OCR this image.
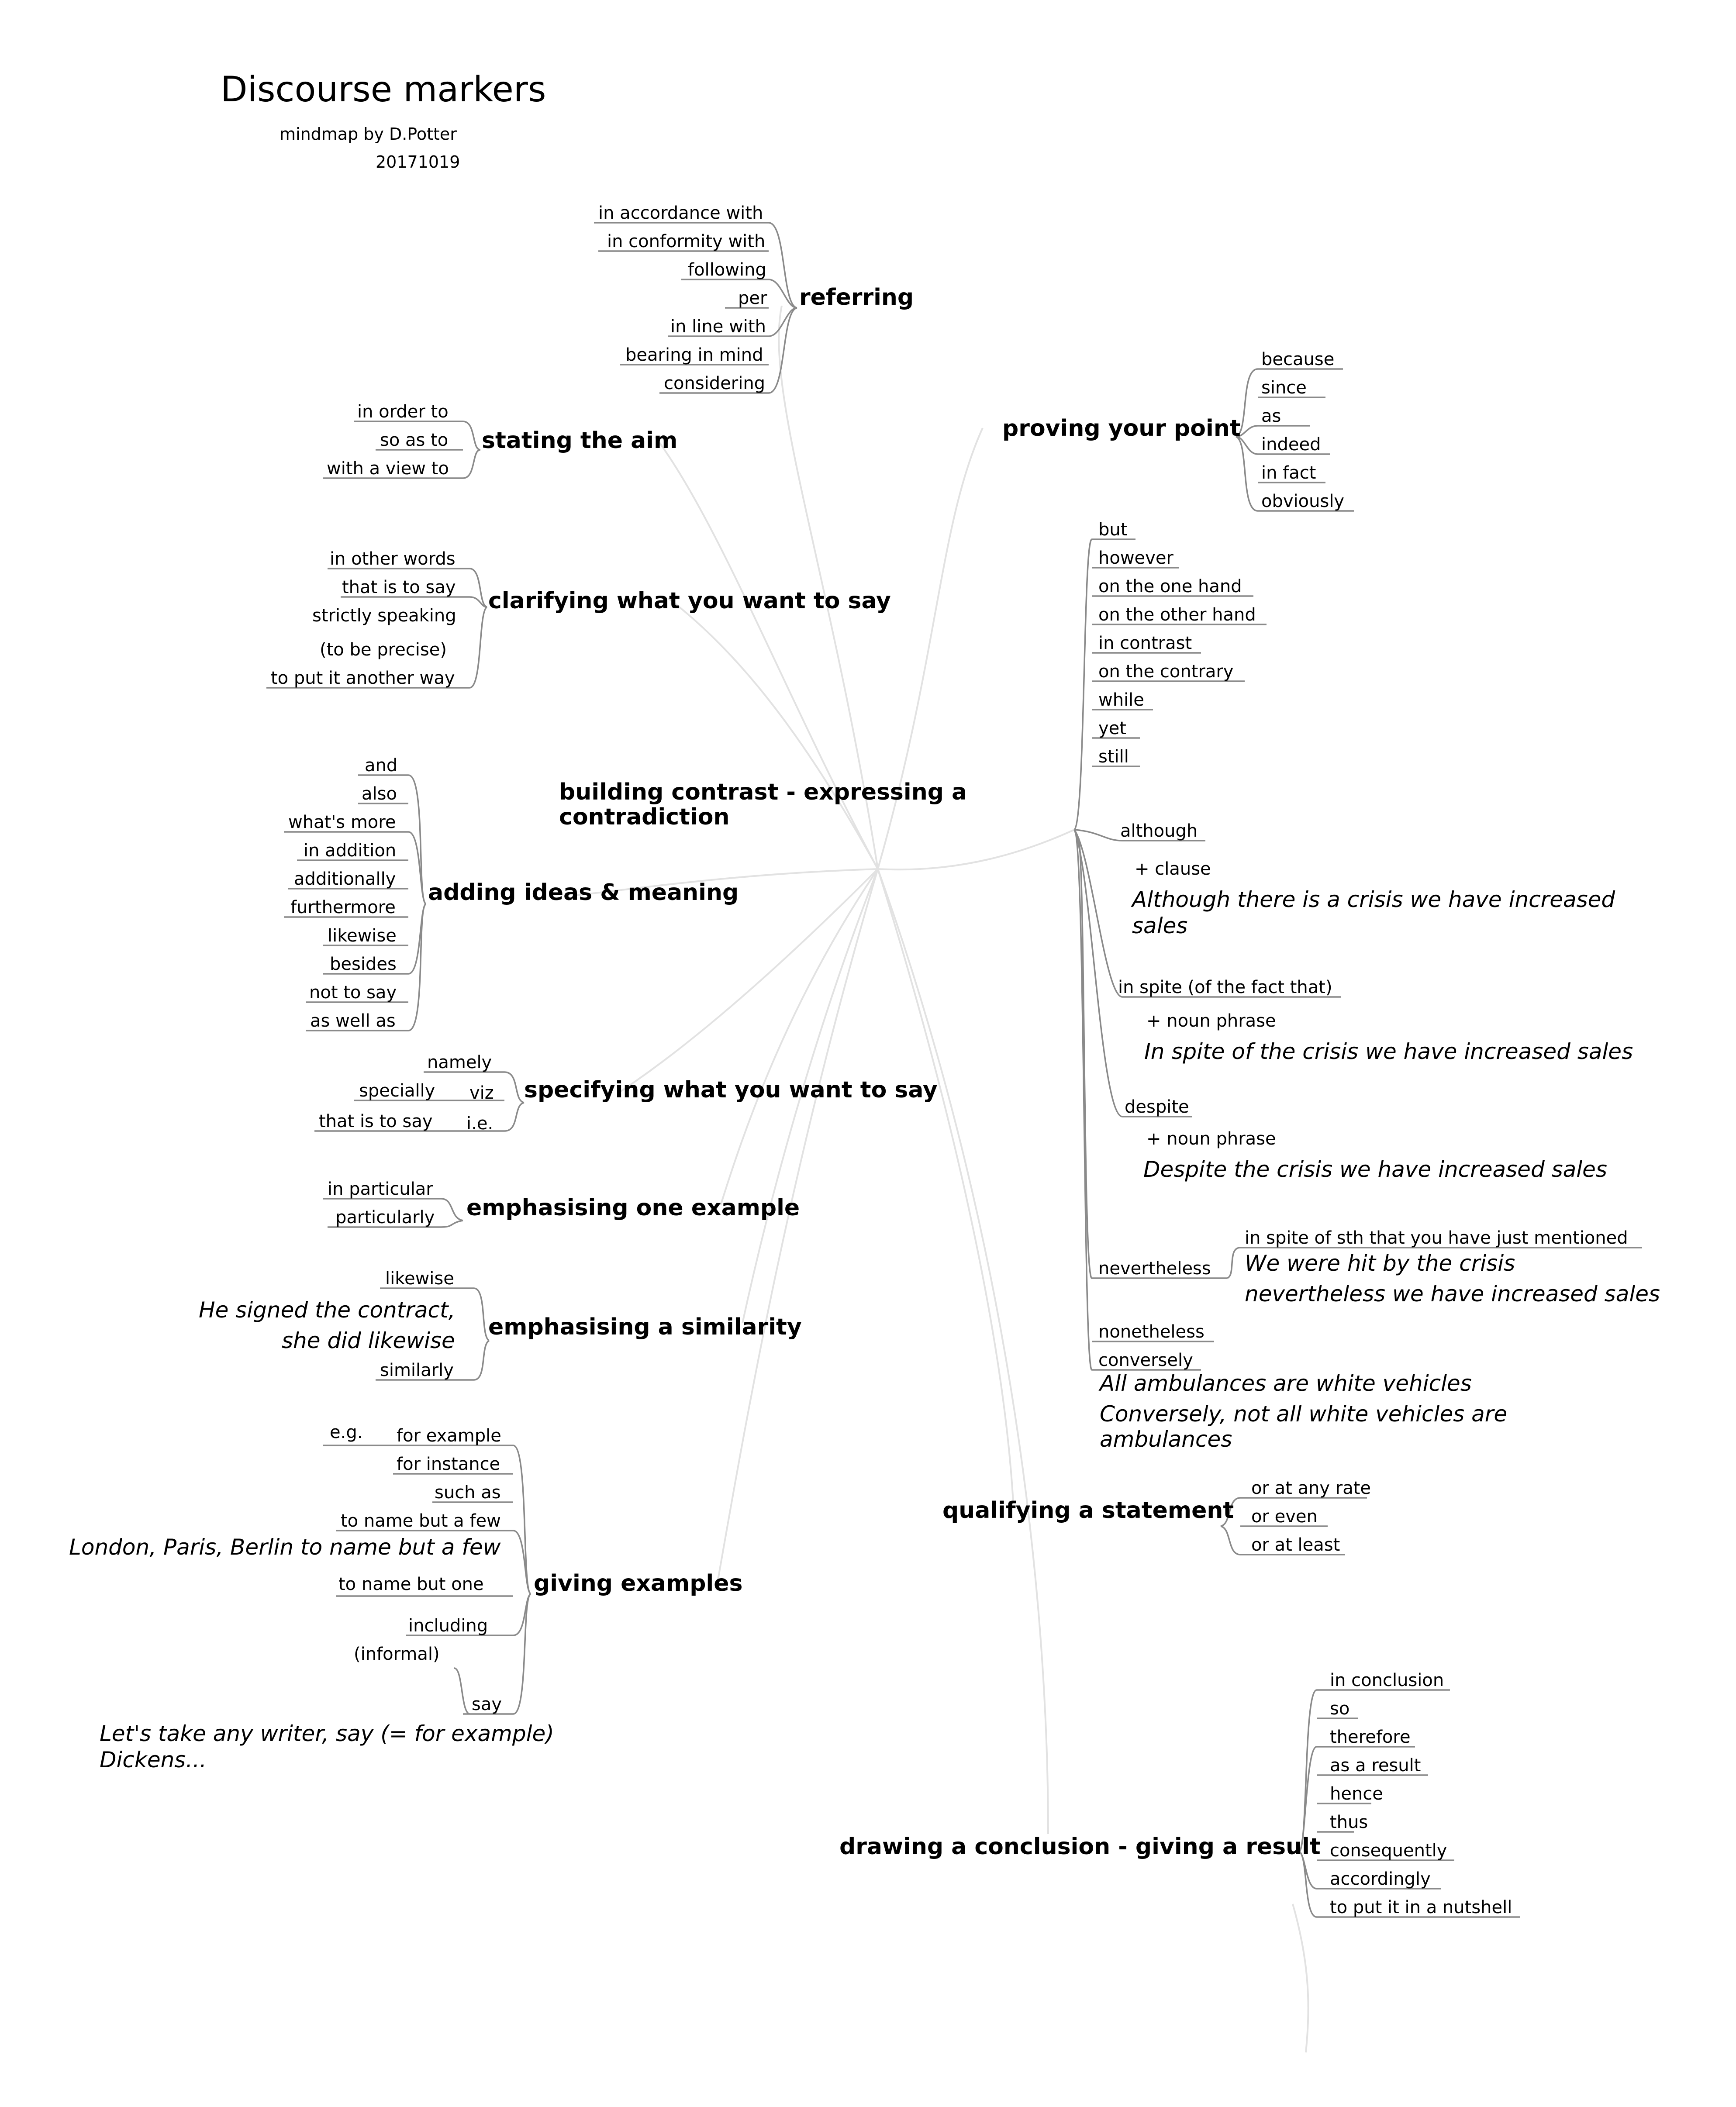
Discourse markers
mindmap by D.Potter
20171019
in accordance with
in conformity with
following
per
in line with
bearing in mind
considering
referring
in order to
so as to
with a view to
stating the aim
in other words
that is to say
strictly speaking
(to be precise)
to put it another way
clarifying what you want to say
and
also
what's more
in addition
additionally
furthermore
likewise
besides
not to say
as well as
adding ideas & meaning
building contrast - expressing a
contradiction
namely
specially viz
that is to say i.e.
specifying what you want to say
in particular
particularly emphasising one example
likewise
He signed the contract,
she did likewise
similarly
emphasising a similarity
e.g. for example
for instance
such as
to name but a few
London, Paris, Berlin to name but a few
to name but one
including
(informal)
say
giving examples
Let's take any writer, say (= for example)
Dickens...
proving your point
because
since
as
indeed
in fact
obviously
but
however
on the one hand
on the other hand
in contrast
on the contrary
while
yet
still
although
+ clause
Although there is a crisis we have increased
sales
in spite (of the fact that)
+ noun phrase
In spite of the crisis we have increased sales
despite
+ noun phrase
Despite the crisis we have increased sales
in spite of sth that you have just mentioned
nevertheless We were hit by the crisis
nevertheless we have increased sales
nonetheless
conversely
All ambulances are white vehicles
Conversely, not all white vehicles are
ambulances
qualifying a statement
or at any rate
or even
or at least
drawing a conclusion - giving a result
in conclusion
so
therefore
as a result
hence
thus
consequently
accordingly
to put it in a nutshell
